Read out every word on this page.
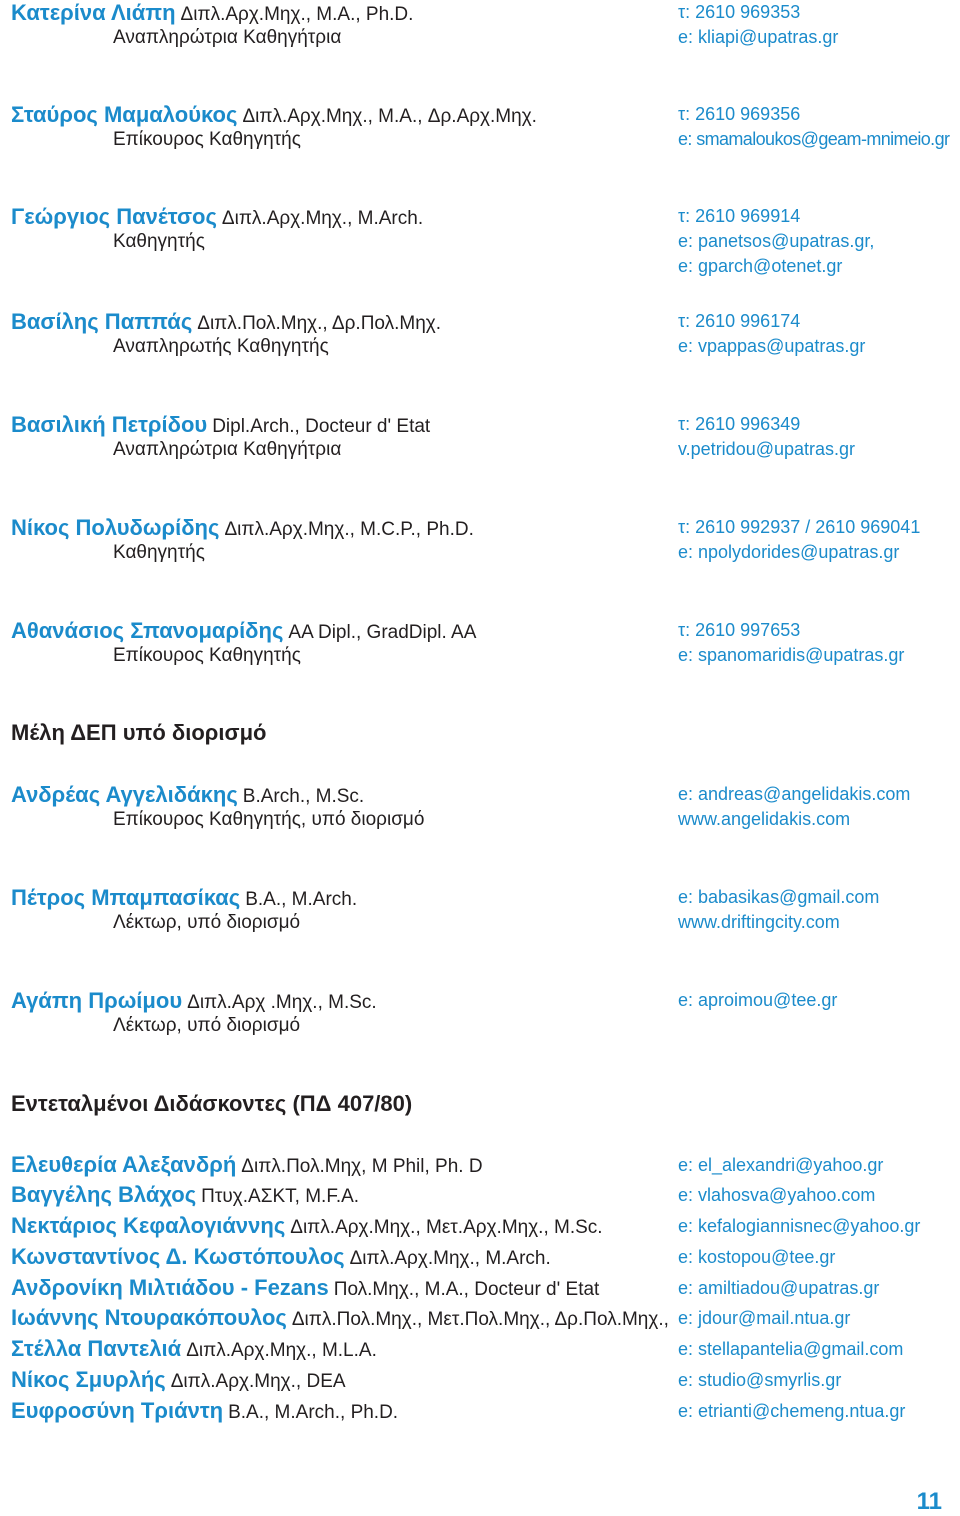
Κατερίνα Λιάπη Διπλ.Αρχ.Μηχ., M.A., Ph.D.
Αναπληρώτρια Καθηγήτρια
τ: 2610 969353
e: kliapi@upatras.gr
Σταύρος Μαμαλούκος Διπλ.Αρχ.Μηχ., M.A., Δρ.Αρχ.Μηχ.
Επίκουρος Καθηγητής
τ: 2610 969356
e: smamaloukos@geam-mnimeio.gr
Γεώργιος Πανέτσος Διπλ.Αρχ.Μηχ., M.Arch.
Καθηγητής
τ: 2610 969914
e: panetsos@upatras.gr,
e: gparch@otenet.gr
Βασίλης Παππάς Διπλ.Πολ.Μηχ., Δρ.Πολ.Μηχ.
Αναπληρωτής Καθηγητής
τ: 2610 996174
e: vpappas@upatras.gr
Βασιλική Πετρίδου Dipl.Arch., Docteur d' Etat
Αναπληρώτρια Καθηγήτρια
τ: 2610 996349
v.petridou@upatras.gr
Νίκος Πολυδωρίδης Διπλ.Αρχ.Μηχ., M.C.P., Ph.D.
Καθηγητής
τ: 2610 992937 / 2610 969041
e: npolydorides@upatras.gr
Αθανάσιος Σπανομαρίδης AA Dipl., GradDipl. AA
Επίκουρος Καθηγητής
τ: 2610 997653
e: spanomaridis@upatras.gr
Μέλη ΔΕΠ υπό διορισμό
Ανδρέας Αγγελιδάκης B.Arch., M.Sc.
Επίκουρος Καθηγητής, υπό διορισμό
e: andreas@angelidakis.com
www.angelidakis.com
Πέτρος Μπαμπασίκας B.A., M.Arch.
Λέκτωρ, υπό διορισμό
e: babasikas@gmail.com
www.driftingcity.com
Αγάπη Πρωίμου Διπλ.Αρχ .Μηχ., M.Sc.
Λέκτωρ, υπό διορισμό
e: aproimou@tee.gr
Εντεταλμένοι Διδάσκοντες (ΠΔ 407/80)
Ελευθερία Αλεξανδρή Διπλ.Πολ.Μηχ, M Phil, Ph. D	e: el_alexandri@yahoo.gr
Βαγγέλης Βλάχος Πτυχ.ΑΣΚΤ, M.F.A.	e: vlahosva@yahoo.com
Νεκτάριος Κεφαλογιάννης Διπλ.Αρχ.Μηχ., Μετ.Αρχ.Μηχ., M.Sc.	e: kefalogiannisnec@yahoo.gr
Κωνσταντίνος Δ. Κωστόπουλος Διπλ.Αρχ.Μηχ., M.Arch.	e: kostopou@tee.gr
Ανδρονίκη Μιλτιάδου - Fezans Πολ.Μηχ., M.A., Docteur d' Etat	e: amiltiadou@upatras.gr
Ιωάννης Ντουρακόπουλος Διπλ.Πολ.Μηχ., Μετ.Πολ.Μηχ., Δρ.Πολ.Μηχ., e: jdour@mail.ntua.gr
Στέλλα Παντελιά Διπλ.Αρχ.Μηχ., M.L.A.	e: stellapantelia@gmail.com
Νίκος Σμυρλής Διπλ.Αρχ.Μηχ., DEA	e: studio@smyrlis.gr
Ευφροσύνη Τριάντη B.A., M.Arch., Ph.D.	e: etrianti@chemeng.ntua.gr
11
